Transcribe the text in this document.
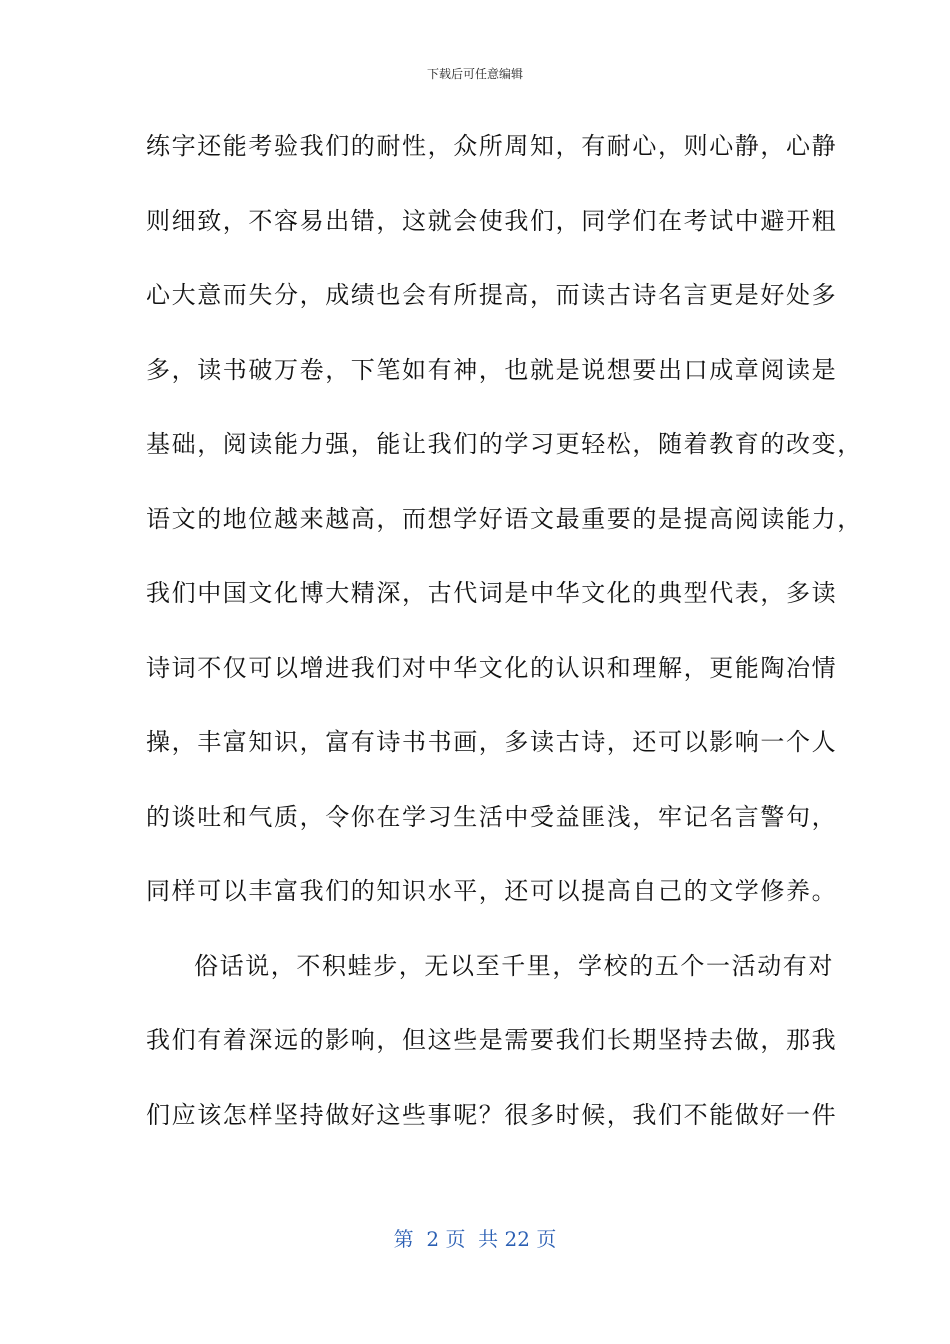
下载后可任意编辑
练字还能考验我们的耐性，众所周知，有耐心，则心静，心静
则细致，不容易出错，这就会使我们，同学们在考试中避开粗
心大意而失分，成绩也会有所提高，而读古诗名言更是好处多
多，读书破万卷，下笔如有神，也就是说想要出口成章阅读是
基础，阅读能力强，能让我们的学习更轻松，随着教育的改变，
语文的地位越来越高，而想学好语文最重要的是提高阅读能力，
我们中国文化博大精深，古代词是中华文化的典型代表，多读
诗词不仅可以增进我们对中华文化的认识和理解，更能陶冶情
操，丰富知识，富有诗书书画，多读古诗，还可以影响一个人
的谈吐和气质，令你在学习生活中受益匪浅，牢记名言警句，
同样可以丰富我们的知识水平，还可以提高自己的文学修养。
俗话说，不积蛙步，无以至千里，学校的五个一活动有对
我们有着深远的影响，但这些是需要我们长期坚持去做，那我
们应该怎样坚持做好这些事呢？很多时候，我们不能做好一件
第  2 页  共 22 页
